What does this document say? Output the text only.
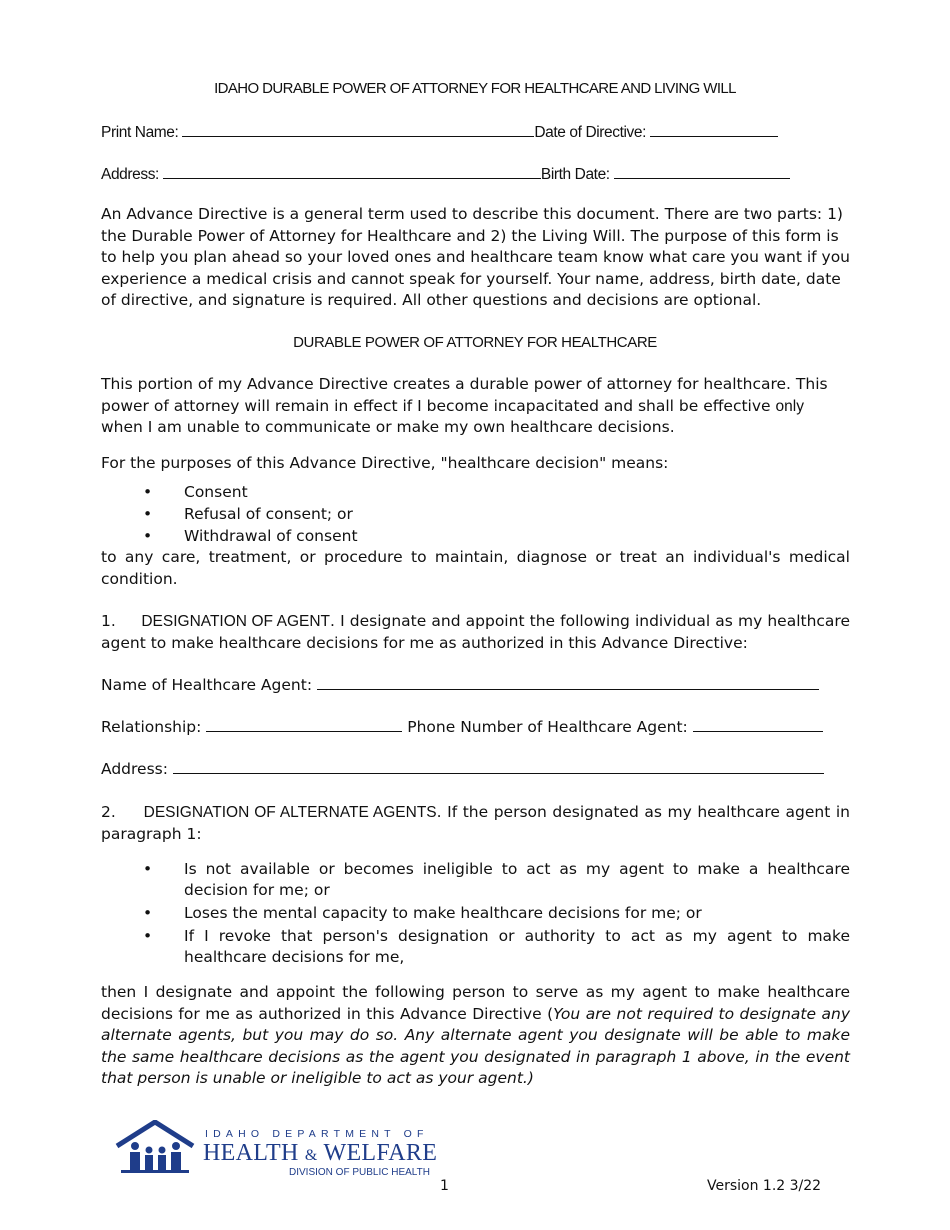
IDAHO DURABLE POWER OF ATTORNEY FOR HEALTHCARE AND LIVING WILL
Print Name:	Date of Directive:
Address:	Birth Date:
An Advance Directive is a general term used to describe this document. There are two parts: 1) the Durable Power of Attorney for Healthcare and 2) the Living Will. The purpose of this form is to help you plan ahead so your loved ones and healthcare team know what care you want if you experience a medical crisis and cannot speak for yourself. Your name, address, birth date, date of directive, and signature is required. All other questions and decisions are optional.
DURABLE POWER OF ATTORNEY FOR HEALTHCARE
This portion of my Advance Directive creates a durable power of attorney for healthcare. This power of attorney will remain in effect if I become incapacitated and shall be effective only when I am unable to communicate or make my own healthcare decisions.
For the purposes of this Advance Directive, "healthcare decision" means:
• Consent
• Refusal of consent; or
• Withdrawal of consent
to any care, treatment, or procedure to maintain, diagnose or treat an individual's medical condition.
1. DESIGNATION OF AGENT. I designate and appoint the following individual as my healthcare agent to make healthcare decisions for me as authorized in this Advance Directive:
Name of Healthcare Agent:
Relationship:	Phone Number of Healthcare Agent:
Address:
2. DESIGNATION OF ALTERNATE AGENTS. If the person designated as my healthcare agent in paragraph 1:
• Is not available or becomes ineligible to act as my agent to make a healthcare decision for me; or
• Loses the mental capacity to make healthcare decisions for me; or
• If I revoke that person's designation or authority to act as my agent to make healthcare decisions for me,
then I designate and appoint the following person to serve as my agent to make healthcare decisions for me as authorized in this Advance Directive (You are not required to designate any alternate agents, but you may do so. Any alternate agent you designate will be able to make the same healthcare decisions as the agent you designated in paragraph 1 above, in the event that person is unable or ineligible to act as your agent.)
IDAHO DEPARTMENT OF
HEALTH & WELFARE
DIVISION OF PUBLIC HEALTH
1	Version 1.2 3/22
